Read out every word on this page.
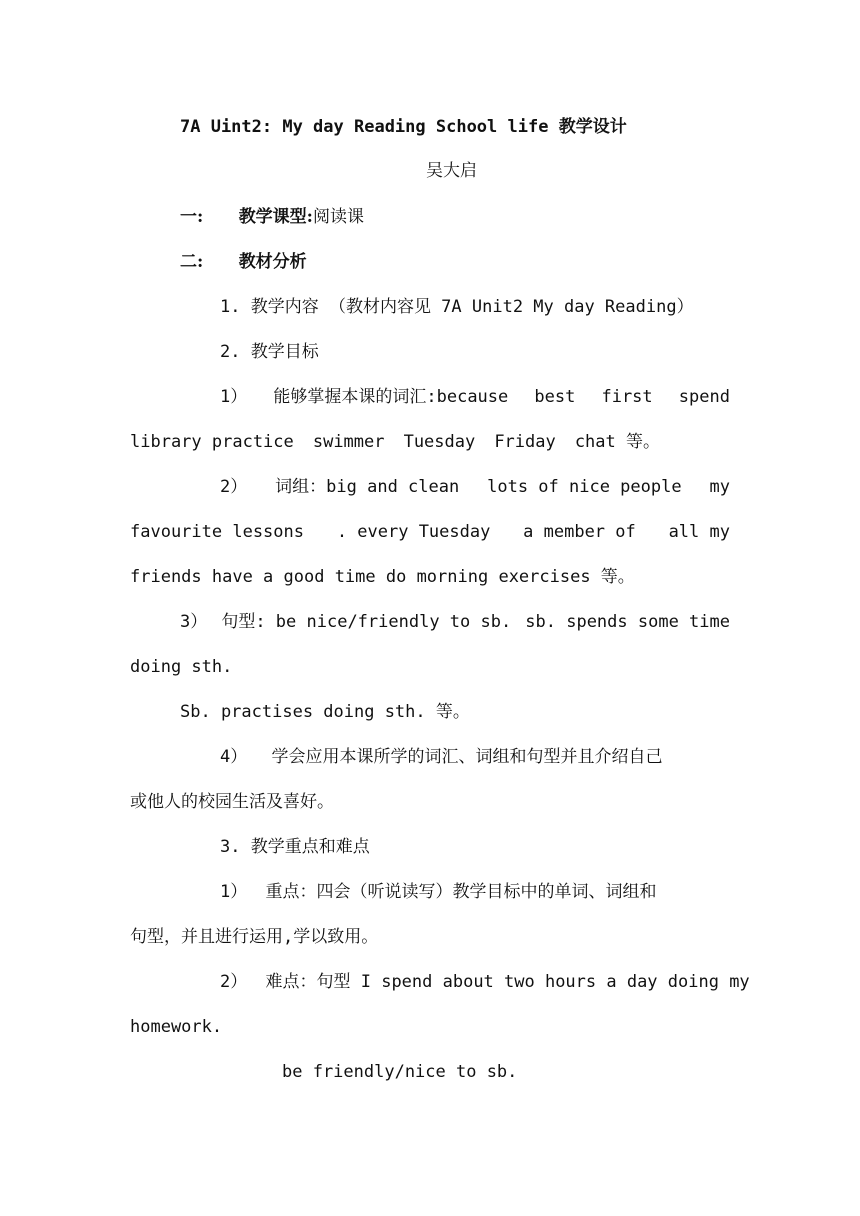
7A Uint2: My day Reading School life 教学设计
吴大启
一: 教学课型:阅读课
二: 教材分析
1. 教学内容 （教材内容见 7A Unit2 My day Reading）
2. 教学目标
1） 能够掌握本课的词汇:because best first spend
library practice swimmer Tuesday Friday chat 等。
2） 词组：big and clean lots of nice people my
favourite lessons . every Tuesday a member of all my
friends have a good time do morning exercises 等。
3） 句型: be nice/friendly to sb. sb. spends some time
doing sth.
Sb. practises doing sth. 等。
4） 学会应用本课所学的词汇、词组和句型并且介绍自己
或他人的校园生活及喜好。
3. 教学重点和难点
1） 重点：四会（听说读写）教学目标中的单词、词组和
句型，并且进行运用,学以致用。
2） 难点：句型 I spend about two hours a day doing my
homework.
be friendly/nice to sb.
